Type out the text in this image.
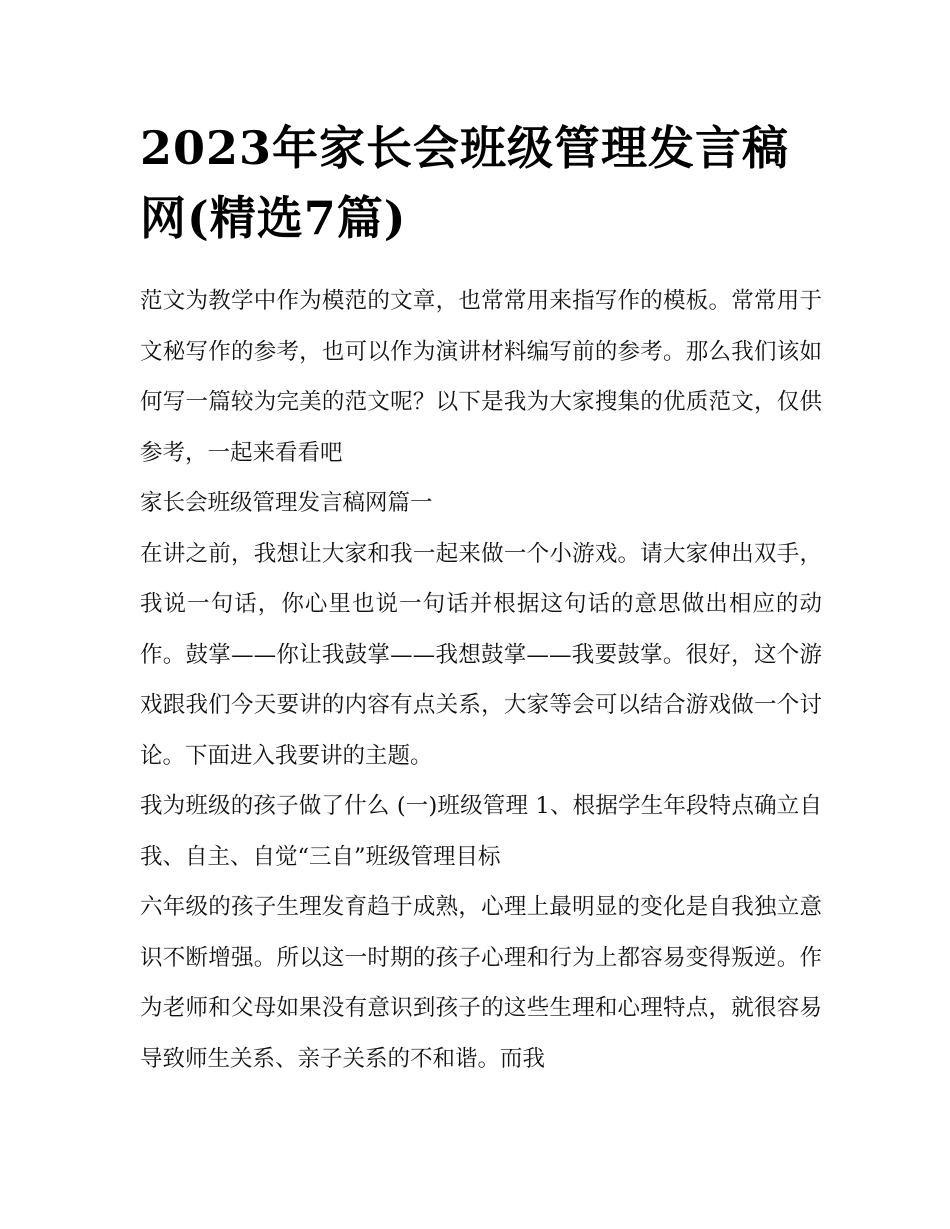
2023年家长会班级管理发言稿网(精选7篇)

范文为教学中作为模范的文章，也常常用来指写作的模板。常常用于文秘写作的参考，也可以作为演讲材料编写前的参考。那么我们该如何写一篇较为完美的范文呢？以下是我为大家搜集的优质范文，仅供参考，一起来看看吧

家长会班级管理发言稿网篇一

在讲之前，我想让大家和我一起来做一个小游戏。请大家伸出双手，我说一句话，你心里也说一句话并根据这句话的意思做出相应的动作。鼓掌——你让我鼓掌——我想鼓掌——我要鼓掌。很好，这个游戏跟我们今天要讲的内容有点关系，大家等会可以结合游戏做一个讨论。下面进入我要讲的主题。

我为班级的孩子做了什么 (一)班级管理 1、根据学生年段特点确立自我、自主、自觉“三自”班级管理目标

六年级的孩子生理发育趋于成熟，心理上最明显的变化是自我独立意识不断增强。所以这一时期的孩子心理和行为上都容易变得叛逆。作为老师和父母如果没有意识到孩子的这些生理和心理特点，就很容易导致师生关系、亲子关系的不和谐。而我
